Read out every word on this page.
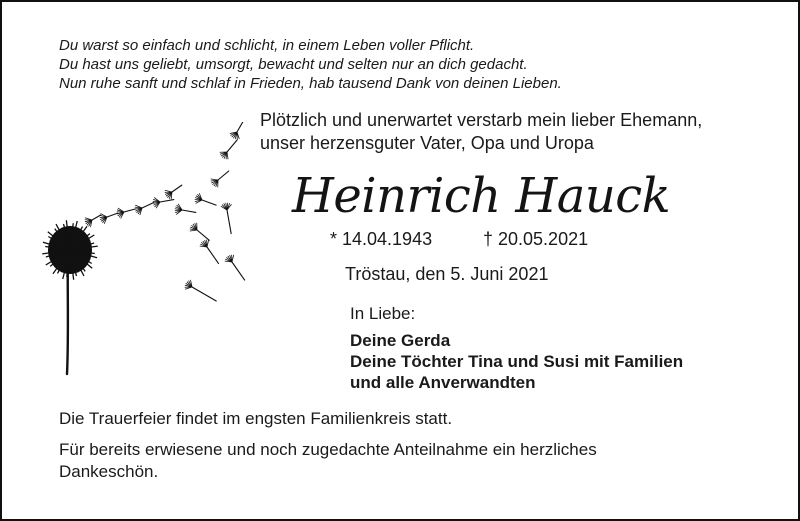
Du warst so einfach und schlicht, in einem Leben voller Pflicht.
Du hast uns geliebt, umsorgt, bewacht und selten nur an dich gedacht.
Nun ruhe sanft und schlaf in Frieden, hab tausend Dank von deinen Lieben.
Plötzlich und unerwartet verstarb mein lieber Ehemann,
unser herzensguter Vater, Opa und Uropa
Heinrich Hauck
* 14.04.1943	† 20.05.2021
Tröstau, den 5. Juni 2021
In Liebe:
Deine Gerda
Deine Töchter Tina und Susi mit Familien
und alle Anverwandten
Die Trauerfeier findet im engsten Familienkreis statt.
Für bereits erwiesene und noch zugedachte Anteilnahme ein herzliches Dankeschön.
